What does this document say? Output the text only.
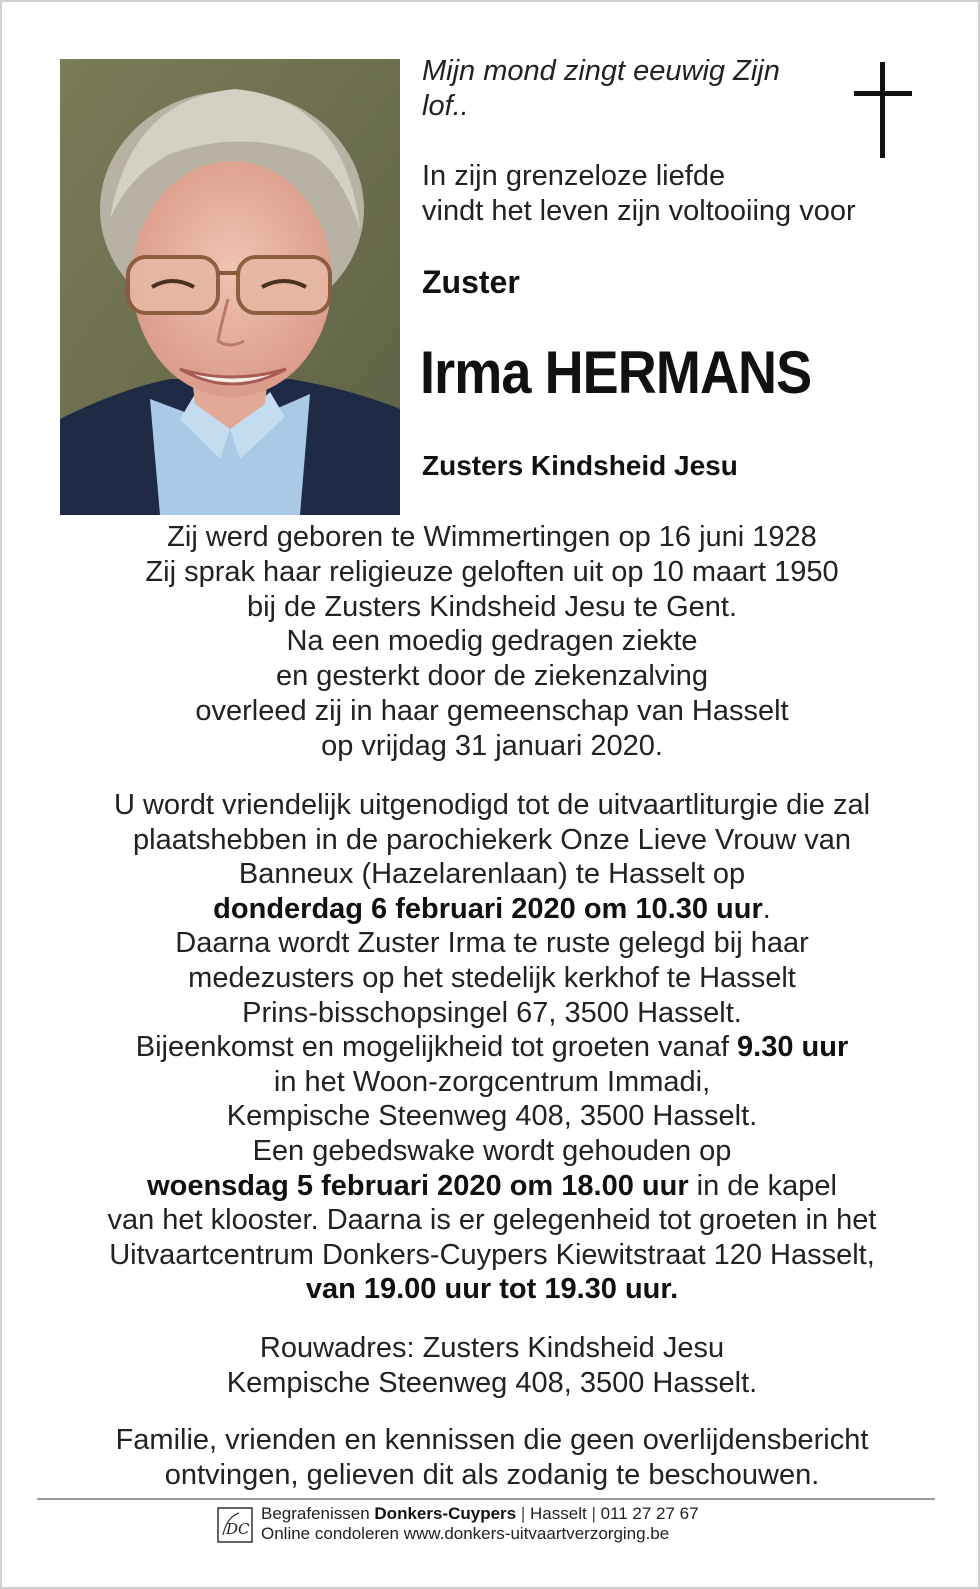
Mijn mond zingt eeuwig Zijn
lof..
In zijn grenzeloze liefde
vindt het leven zijn voltooiing voor
Zuster
Irma HERMANS
Zusters Kindsheid Jesu
Zij werd geboren te Wimmertingen op 16 juni 1928
Zij sprak haar religieuze geloften uit op 10 maart 1950
bij de Zusters Kindsheid Jesu te Gent.
Na een moedig gedragen ziekte
en gesterkt door de ziekenzalving
overleed zij in haar gemeenschap van Hasselt
op vrijdag 31 januari 2020.
U wordt vriendelijk uitgenodigd tot de uitvaartliturgie die zal
plaatshebben in de parochiekerk Onze Lieve Vrouw van
Banneux (Hazelarenlaan) te Hasselt op
donderdag 6 februari 2020 om 10.30 uur.
Daarna wordt Zuster Irma te ruste gelegd bij haar
medezusters op het stedelijk kerkhof te Hasselt
Prins-bisschopsingel 67, 3500 Hasselt.
Bijeenkomst en mogelijkheid tot groeten vanaf 9.30 uur
in het Woon-zorgcentrum Immadi,
Kempische Steenweg 408, 3500 Hasselt.
Een gebedswake wordt gehouden op
woensdag 5 februari 2020 om 18.00 uur in de kapel
van het klooster. Daarna is er gelegenheid tot groeten in het
Uitvaartcentrum Donkers-Cuypers Kiewitstraat 120 Hasselt,
van 19.00 uur tot 19.30 uur.
Rouwadres: Zusters Kindsheid Jesu
Kempische Steenweg 408, 3500 Hasselt.
Familie, vrienden en kennissen die geen overlijdensbericht
ontvingen, gelieven dit als zodanig te beschouwen.
DC
Begrafenissen Donkers-Cuypers | Hasselt | 011 27 27 67
Online condoleren www.donkers-uitvaartverzorging.be
